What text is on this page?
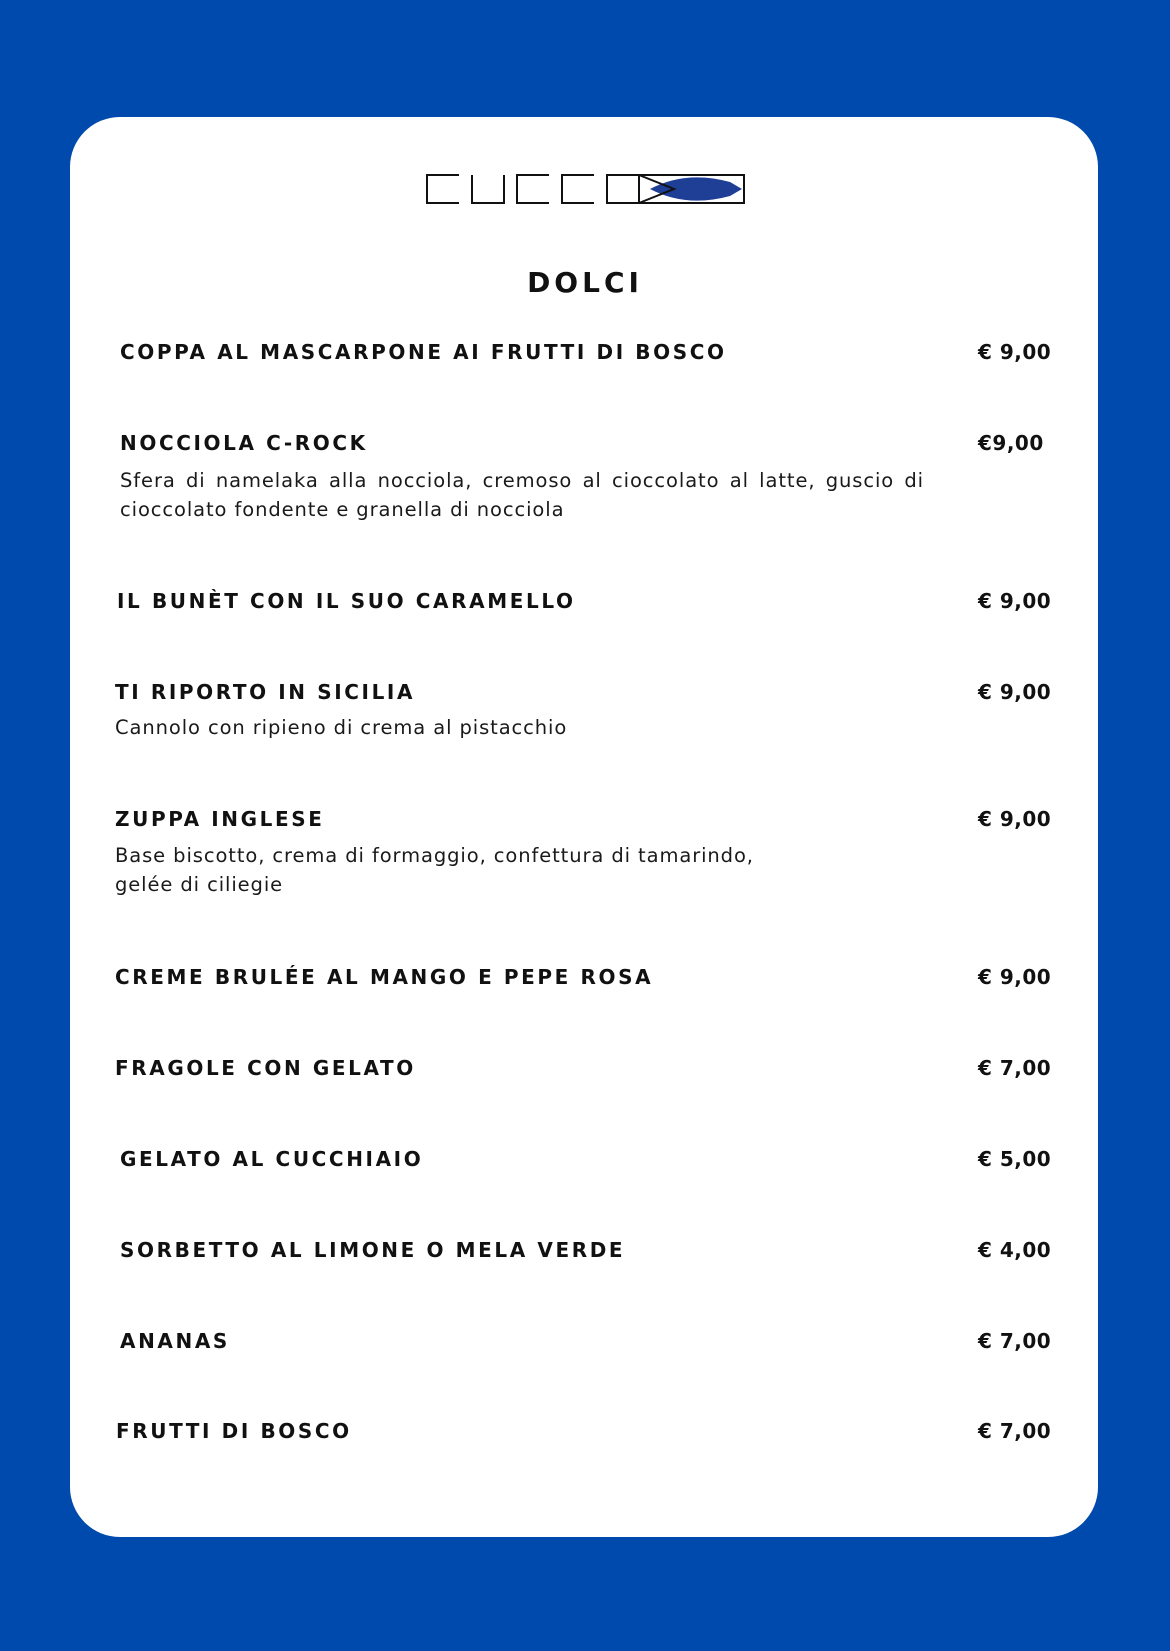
DOLCI
COPPA AL MASCARPONE AI FRUTTI DI BOSCO	€ 9,00
NOCCIOLA C-ROCK	€9,00
Sfera di namelaka alla nocciola, cremoso al cioccolato al latte, guscio di cioccolato fondente e granella di nocciola
IL BUNÈT CON IL SUO CARAMELLO	€ 9,00
TI RIPORTO IN SICILIA	€ 9,00
Cannolo con ripieno di crema al pistacchio
ZUPPA INGLESE	€ 9,00
Base biscotto, crema di formaggio, confettura di tamarindo,
gelée di ciliegie
CREME BRULÉE AL MANGO E PEPE ROSA	€ 9,00
FRAGOLE CON GELATO	€ 7,00
GELATO AL CUCCHIAIO	€ 5,00
SORBETTO AL LIMONE O MELA VERDE	€ 4,00
ANANAS	€ 7,00
FRUTTI DI BOSCO	€ 7,00
